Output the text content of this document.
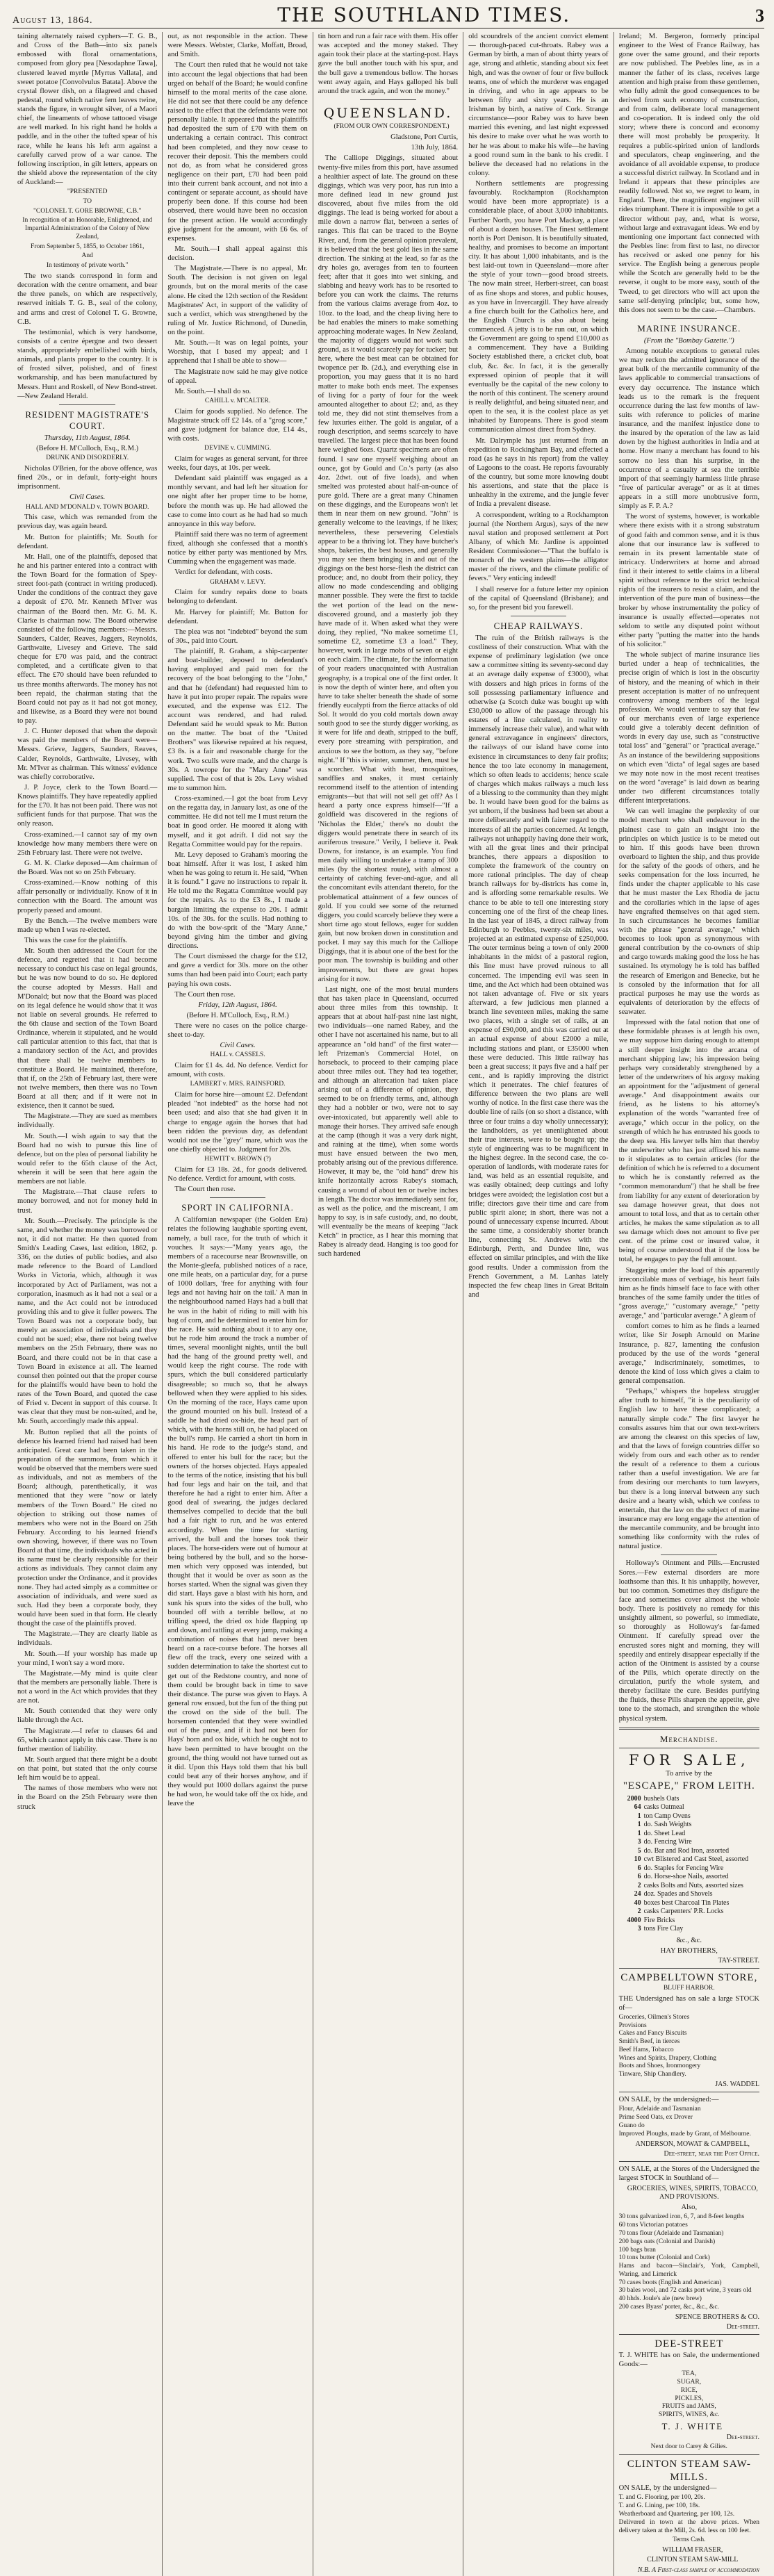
August 13, 1864.	THE SOUTHLAND TIMES.	3

taining alternately raised cyphers—T. G. B., and Cross of the Bath—into six panels embossed with floral ornamentations, composed from glory pea [Nesodaphne Tawa], clustered leaved myrtle [Myrtus Vallata], and sweet potatoe [Convolvulus Batata]. Above the crystal flower dish, on a filagreed and chased pedestal, round which native fern leaves twine, stands the figure, in wrought silver, of a Maori chief, the lineaments of whose tattooed visage are well marked. In his right hand he holds a paddle, and in the other the tufted spear of his race, while he leans his left arm against a carefully carved prow of a war canoe. The following inscription, in gilt letters, appears on the shield above the representation of the city of Auckland:—

"PRESENTED

TO

"COLONEL T. GORE BROWNE, C.B."

In recognition of an Honorable, Enlightened, and Impartial Administration of the Colony of New Zealand,

From September 5, 1855, to October 1861,

And

In testimony of private worth."

The two stands correspond in form and decoration with the centre ornament, and bear the three panels, on which are respectively, reserved initials T. G. B., seal of the colony, and arms and crest of Colonel T. G. Browne, C.B.

The testimonial, which is very handsome, consists of a centre épergne and two dessert stands, appropriately embellished with birds, animals, and plants proper to the country. It is of frosted silver, polished, and of finest workmanship, and has been manufactured by Messrs. Hunt and Roskell, of New Bond-street.—New Zealand Herald.

RESIDENT MAGISTRATE'S COURT.

Thursday, 11th August, 1864.

(Before H. M'Culloch, Esq., R.M.)

DRUNK AND DISORDERLY.

Nicholas O'Brien, for the above offence, was fined 20s., or in default, forty-eight hours imprisonment.

Civil Cases.

HALL AND M'DONALD v. TOWN BOARD.

This case, which was remanded from the previous day, was again heard.

Mr. Button for plaintiffs; Mr. South for defendant.

Mr. Hall, one of the plaintiffs, deposed that he and his partner entered into a contract with the Town Board for the formation of Spey-street foot-path (contract in writing produced). Under the conditions of the contract they gave a deposit of £70. Mr. Kenneth M'Iver was chairman of the Board then. Mr. G. M. K. Clarke is chairman now. The Board otherwise consisted of the following members:—Messrs. Saunders, Calder, Reaves, Jaggers, Reynolds, Garthwaite, Livesey and Grieve. The said cheque for £70 was paid, and the contract completed, and a certificate given to that effect. The £70 should have been refunded to us three months afterwards. The money has not been repaid, the chairman stating that the Board could not pay as it had not got money, and likewise, as a Board they were not bound to pay.

J. C. Hunter deposed that when the deposit was paid the members of the Board were—Messrs. Grieve, Jaggers, Saunders, Reaves, Calder, Reynolds, Garthwaite, Livesey, with Mr. M'Iver as chairman. This witness' evidence was chiefly corroborative.

J. P. Joyce, clerk to the Town Board.—Knows plaintiffs. They have repeatedly applied for the £70. It has not been paid. There was not sufficient funds for that purpose. That was the only reason.

Cross-examined.—I cannot say of my own knowledge how many members there were on 25th February last. There were not twelve.

G. M. K. Clarke deposed—Am chairman of the Board. Was not so on 25th February.

Cross-examined.—Know nothing of this affair personally or individually. Know of it in connection with the Board. The amount was properly passed and amount.

By the Bench.—The twelve members were made up when I was re-elected.

This was the case for the plaintiffs.

Mr. South then addressed the Court for the defence, and regretted that it had become necessary to conduct his case on legal grounds, but he was now bound to do so. He deplored the course adopted by Messrs. Hall and M'Donald; but now that the Board was placed on its legal defence he would show that it was not liable on several grounds. He referred to the 6th clause and section of the Town Board Ordinance, wherein it stipulated, and he would call particular attention to this fact, that that is a mandatory section of the Act, and provides that there shall be twelve members to constitute a Board. He maintained, therefore, that if, on the 25th of February last, there were not twelve members, then there was no Town Board at all then; and if it were not in existence, then it cannot be sued.

The Magistrate.—They are sued as members individually.

Mr. South.—I wish again to say that the Board had no wish to pursue this line of defence, but on the plea of personal liability he would refer to the 65th clause of the Act, wherein it will be seen that here again the members are not liable.

The Magistrate.—That clause refers to money borrowed, and not for money held in trust.

Mr. South.—Precisely. The principle is the same, and whether the money was borrowed or not, it did not matter. He then quoted from Smith's Leading Cases, last edition, 1862, p. 336, on the duties of public bodies, and also made reference to the Board of Landlord Works in Victoria, which, although it was incorporated by Act of Parliament, was not a corporation, inasmuch as it had not a seal or a name, and the Act could not be introduced providing this and to give it fuller powers. The Town Board was not a corporate body, but merely an association of individuals and they could not be sued; else, there not being twelve members on the 25th February, there was no Board, and there could not be in that case a Town Board in existence at all. The learned counsel then pointed out that the proper course for the plaintiffs would have been to hold the rates of the Town Board, and quoted the case of Fried v. Decent in support of this course. It was clear that they must be non-suited, and he, Mr. South, accordingly made this appeal.

Mr. Button replied that all the points of defence his learned friend had raised had been anticipated. Great care had been taken in the preparation of the summons, from which it would be observed that the members were sued as individuals, and not as members of the Board; although, parenthetically, it was mentioned that they were "now or lately members of the Town Board." He cited no objection to striking out those names of members who were not in the Board on 25th February. According to his learned friend's own showing, however, if there was no Town Board at that time, the individuals who acted in its name must be clearly responsible for their actions as individuals. They cannot claim any protection under the Ordinance, and it provides none. They had acted simply as a committee or association of individuals, and were sued as such. Had they been a corporate body, they would have been sued in that form. He clearly thought the case of the plaintiffs proved.

The Magistrate.—They are clearly liable as individuals.

Mr. South.—If your worship has made up your mind, I won't say a word more.

The Magistrate.—My mind is quite clear that the members are personally liable. There is not a word in the Act which provides that they are not.

Mr. South contended that they were only liable through the Act.

The Magistrate.—I refer to clauses 64 and 65, which cannot apply in this case. There is no further mention of liability.

Mr. South argued that there might be a doubt on that point, but stated that the only course left him would be to appeal.

The names of those members who were not in the Board on the 25th February were then struck

out, as not responsible in the action. These were Messrs. Webster, Clarke, Moffatt, Broad, and Smith.

The Court then ruled that he would not take into account the legal objections that had been urged on behalf of the Board; he would confine himself to the moral merits of the case alone. He did not see that there could be any defence raised to the effect that the defendants were not personally liable. It appeared that the plaintiffs had deposited the sum of £70 with them on undertaking a certain contract. This contract had been completed, and they now cease to recover their deposit. This the members could not do, as from what he considered gross negligence on their part, £70 had been paid into their current bank account, and not into a contingent or separate account, as should have properly been done. If this course had been observed, there would have been no occasion for the present action. He would accordingly give judgment for the amount, with £6 6s. of expenses.

Mr. South.—I shall appeal against this decision.

The Magistrate.—There is no appeal, Mr. South. The decision is not given on legal grounds, but on the moral merits of the case alone. He cited the 12th section of the Resident Magistrates' Act, in support of the validity of such a verdict, which was strengthened by the ruling of Mr. Justice Richmond, of Dunedin, on the point.

Mr. South.—It was on legal points, your Worship, that I based my appeal; and I apprehend that I shall be able to show—

The Magistrate now said he may give notice of appeal.

Mr. South.—I shall do so.

CAHILL v. M'CALTER.

Claim for goods supplied. No defence. The Magistrate struck off £2 14s. of a "grog score," and gave judgment for balance due, £14 4s., with costs.

DEVINE v. CUMMING.

Claim for wages as general servant, for three weeks, four days, at 10s. per week.

Defendant said plaintiff was engaged as a monthly servant, and had left her situation for one night after her proper time to be home, before the month was up. He had allowed the case to come into court as he had had so much annoyance in this way before.

Plaintiff said there was no term of agreement fixed, although she confessed that a month's notice by either party was mentioned by Mrs. Cumming when the engagement was made.

Verdict for defendant, with costs.

GRAHAM v. LEVY.

Claim for sundry repairs done to boats belonging to defendant.

Mr. Harvey for plaintiff; Mr. Button for defendant.

The plea was not "indebted" beyond the sum of 30s., paid into Court.

The plaintiff, R. Graham, a ship-carpenter and boat-builder, deposed to defendant's having employed and paid men for the recovery of the boat belonging to the "John," and that he (defendant) had requested him to have it put into proper repair. The repairs were executed, and the expense was £12. The account was rendered, and had ruled. Defendant said he would speak to Mr. Button on the matter. The boat of the "United Brothers" was likewise repaired at his request, £3 8s. is a fair and reasonable charge for the work. Two sculls were made, and the charge is 30s. A towrope for the "Mary Anne" was supplied. The cost of that is 20s. Levy wished me to summon him.

Cross-examined.—I got the boat from Levy on the regatta day, in January last, as one of the committee. He did not tell me I must return the boat in good order. He moored it along with myself, and it got adrift. I did not say the Regatta Committee would pay for the repairs.

Mr. Levy deposed to Graham's mooring the boat himself. After it was lost, I asked him when he was going to return it. He said, "When it is found." I gave no instructions to repair it. He told me the Regatta Committee would pay for the repairs. As to the £3 8s., I made a bargain limiting the expense to 20s. I admit 10s. of the 30s. for the sculls. Had nothing to do with the bow-sprit of the "Mary Anne," beyond giving him the timber and giving directions.

The Court dismissed the charge for the £12, and gave a verdict for 30s. more on the other sums than had been paid into Court; each party paying his own costs.

The Court then rose.

Friday, 12th August, 1864.

(Before H. M'Culloch, Esq., R.M.)

There were no cases on the police charge-sheet to-day.

Civil Cases.

HALL v. CASSELS.

Claim for £1 4s. 4d. No defence. Verdict for amount, with costs.

LAMBERT v. MRS. RAINSFORD.

Claim for horse hire—amount £2. Defendant pleaded "not indebted" as the horse had not been used; and also that she had given it in charge to engage again the horses that had been ridden the previous day, as defendant would not use the "grey" mare, which was the one chiefly objected to. Judgment for 20s.

HEWITT v. BROWN (?)

Claim for £3 18s. 2d., for goods delivered. No defence. Verdict for amount, with costs.

The Court then rose.

SPORT IN CALIFORNIA.

A Californian newspaper (the Golden Era) relates the following laughable sporting event, namely, a bull race, for the truth of which it vouches. It says:—"Many years ago, the members of a racecourse near Brownsville, on the Monte-gleefa, published notices of a race, one mile heats, on a particular day, for a purse of 1000 dollars, 'free for anything with four legs and not having hair on the tail.' A man in the neighbourhood named Hays had a bull that he was in the habit of riding to mill with his bag of corn, and he determined to enter him for the race. He said nothing about it to any one, but he rode him around the track a number of times, several moonlight nights, until the bull had the hang of the ground pretty well, and would keep the right course. The rode with spurs, which the bull considered particularly disagreeable; so much so, that he always bellowed when they were applied to his sides. On the morning of the race, Hays came upon the ground mounted on his bull. Instead of a saddle he had dried ox-hide, the head part of which, with the horns still on, he had placed on the bull's rump. He carried a short tin horn in his hand. He rode to the judge's stand, and offered to enter his bull for the race; but the owners of the horses objected. Hays appealed to the terms of the notice, insisting that his bull had four legs and hair on the tail, and that therefore he had a right to enter him. After a good deal of swearing, the judges declared themselves compelled to decide that the bull had a fair right to run, and he was entered accordingly. When the time for starting arrived, the bull and the horses took their places. The horse-riders were out of humour at being bothered by the bull, and so the horse-men which very opposed was intended, but thought that it would be over as soon as the horses started. When the signal was given they did start. Hays gave a blast with his horn, and sunk his spurs into the sides of the bull, who bounded off with a terrible bellow, at no trifling speed, the dried ox hide flapping up and down, and rattling at every jump, making a combination of noises that had never been heard on a race-course before. The horses all flew off the track, every one seized with a sudden determination to take the shortest cut to get out of the Redstone country, and none of them could be brought back in time to save their distance. The purse was given to Hays. A general row ensued, but the fun of the thing put the crowd on the side of the bull. The horsemen contended that they were swindled out of the purse, and if it had not been for Hays' horn and ox hide, which he ought not to have been permitted to have brought on the ground, the thing would not have turned out as it did. Upon this Hays told them that his bull could beat any of their horses anyhow, and if they would put 1000 dollars against the purse he had won, he would take off the ox hide, and leave the

tin horn and run a fair race with them. His offer was accepted and the money staked. They again took their place at the starting-post. Hays gave the bull another touch with his spur, and the bull gave a tremendous bellow. The horses went away again, and Hays galloped his bull around the track again, and won the money."

QUEENSLAND.

(FROM OUR OWN CORRESPONDENT.)

Gladstone, Port Curtis,

13th July, 1864.

The Calliope Diggings, situated about twenty-five miles from this port, have assumed a healthier aspect of late. The ground on these diggings, which was very poor, has run into a more defined lead in new ground just discovered, about five miles from the old diggings. The lead is being worked for about a mile down a narrow flat, between a series of ranges. This flat can be traced to the Boyne River, and, from the general opinion prevalent, it is believed that the best gold lies in the same direction. The sinking at the lead, so far as the dry holes go, averages from ten to fourteen feet; after that it goes into wet sinking, and slabbing and heavy work has to be resorted to before you can work the claims. The returns from the various claims average from 4oz. to 10oz. to the load, and the cheap living here to be had enables the miners to make something approaching moderate wages. In New Zealand, the majority of diggers would not work such ground, as it would scarcely pay for tucker; but here, where the best meat can be obtained for twopence per lb. (2d.), and everything else in proportion, you may guess that it is no hard matter to make both ends meet. The expenses of living for a party of four for the week amounted altogether to about £2; and, as they told me, they did not stint themselves from a few luxuries either. The gold is angular, of a rough description, and seems scarcely to have travelled. The largest piece that has been found here weighed 6ozs. Quartz specimens are often found. I saw one myself weighing about an ounce, got by Gould and Co.'s party (as also 4oz. 2dwt. out of five loads), and when smelted was protested about half-an-ounce of pure gold. There are a great many Chinamen on these diggings, and the Europeans won't let them in near them on new ground. "John" is generally welcome to the leavings, if he likes; nevertheless, these persevering Celestials appear to be a thriving lot. They have butcher's shops, bakeries, the best houses, and generally you may see them bringing in and out of the diggings on the best horse-flesh the district can produce; and, no doubt from their policy, they allow no made condescending and obliging manner possible. They were the first to tackle the wet portion of the lead on the new-discovered ground, and a masterly job they have made of it. When asked what they were doing, they replied, "No makee sometime £1, sometime £2, sometime £3 a load." They, however, work in large mobs of seven or eight on each claim. The climate, for the information of your readers unacquainted with Australian geography, is a tropical one of the first order. It is now the depth of winter here, and often you have to take shelter beneath the shade of some friendly eucalypti from the fierce attacks of old Sol. It would do you cold mortals down away south good to see the sturdy digger working, as it were for life and death, stripped to the buff, every pore streaming with perspiration, and anxious to see the bottom, as they say, "before night." If "this is winter, summer, then, must be a scorcher. What with heat, mosquitoes, sandflies and snakes, it must certainly recommend itself to the attention of intending emigrants—but that will not sell get off? As I heard a party once express himself—"If a goldfield was discovered in the regions of 'Nicholas the Elder,' there's no doubt the diggers would penetrate there in search of its auriferous treasure." Verily, I believe it. Peak Downs, for instance, is an example. You find men daily willing to undertake a tramp of 300 miles (by the shortest route), with almost a certainty of catching fever-and-ague, and all the concomitant evils attendant thereto, for the problematical attainment of a few ounces of gold. If you could see some of the returned diggers, you could scarcely believe they were a short time ago stout fellows, eager for sudden gain, but now broken down in constitution and pocket. I may say this much for the Calliope Diggings, that it is about one of the best for the poor man. The township is building and other improvements, but there are great hopes arising for it now.

Last night, one of the most brutal murders that has taken place in Queensland, occurred about three miles from this township. It appears that at about half-past nine last night, two individuals—one named Rabey, and the other I have not ascertained his name, but to all appearance an "old hand" of the first water—left Prizeman's Commercial Hotel, on horseback, to proceed to their camping place about three miles out. They had tea together, and although an altercation had taken place arising out of a difference of opinion, they seemed to be on friendly terms, and, although they had a nobbler or two, were not to say over-intoxicated, but apparently well able to manage their horses. They arrived safe enough at the camp (though it was a very dark night, and raining at the time), when some words must have ensued between the two men, probably arising out of the previous difference. However, it may be, the "old hand" drew his knife horizontally across Rabey's stomach, causing a wound of about ten or twelve inches in length. The doctor was immediately sent for, as well as the police, and the miscreant, I am happy to say, is in safe custody, and, no doubt, will eventually be the means of keeping "Jack Ketch" in practice, as I hear this morning that Rabey is already dead. Hanging is too good for such hardened

old scoundrels of the ancient convict element — thorough-paced cut-throats. Rabey was a German by birth, a man of about thirty years of age, strong and athletic, standing about six feet high, and was the owner of four or five bullock teams, one of which the murderer was engaged in driving, and who in age appears to be between fifty and sixty years. He is an Irishman by birth, a native of Cork. Strange circumstance—poor Rabey was to have been married this evening, and last night expressed his desire to make over what he was worth to her he was about to make his wife—he having a good round sum in the bank to his credit. I believe the deceased had no relations in the colony.

Northern settlements are progressing favourably. Rockhampton (Rockhampton would have been more appropriate) is a considerable place, of about 3,000 inhabitants. Further North, you have Port Mackay, a place of about a dozen houses. The finest settlement north is Port Denison. It is beautifully situated, healthy, and promises to become an important city. It has about 1,000 inhabitants, and is the best laid-out town in Queensland—more after the style of your town—good broad streets. The now main street, Herbert-street, can boast of as fine shops and stores, and public houses, as you have in Invercargill. They have already a fine church built for the Catholics here, and the English Church is also about being commenced. A jetty is to be run out, on which the Government are going to spend £10,000 as a commencement. They have a Building Society established there, a cricket club, boat club, &c. &c. In fact, it is the generally expressed opinion of people that it will eventually be the capital of the new colony to the north of this continent. The scenery around is really delightful, and being situated near, and open to the sea, it is the coolest place as yet inhabited by Europeans. There is good steam communication almost direct from Sydney.

Mr. Dalrymple has just returned from an expedition to Rockingham Bay, and effected a road (as he says in his report) from the valley of Lagoons to the coast. He reports favourably of the country, but some more knowing doubt his assertions, and state that the place is unhealthy in the extreme, and the jungle fever of India a prevalent disease.

A correspondent, writing to a Rockhampton journal (the Northern Argus), says of the new naval station and proposed settlement at Port Albany, of which Mr. Jardine is appointed Resident Commissioner—"That the buffalo is monarch of the western plains—the alligator master of the rivers, and the climate prolific of fevers." Very enticing indeed!

I shall reserve for a future letter my opinion of the capital of Queensland (Brisbane); and so, for the present bid you farewell.

CHEAP RAILWAYS.

The ruin of the British railways is the costliness of their construction. What with the expense of preliminary legislation (we once saw a committee sitting its seventy-second day at an average daily expense of £3000), what with dossers and high prices in forms of the soil possessing parliamentary influence and otherwise (a Scotch duke was bought up with £30,000 to allow of the passage through his estates of a line calculated, in reality to immensely increase their value), and what with general extravagance in engineers' directors, the railways of our island have come into existence in circumstances to deny fair profits; hence the too late economy in management, which so often leads to accidents; hence scale of charges which makes railways a much less of a blessing to the community than they might be. It would have been good for the bairns as yet unborn, if the business had been set about a more deliberately and with fairer regard to the interests of all the parties concerned. At length, railways not unhappily having done their work, with all the great lines and their principal branches, there appears a disposition to complete the framework of the country on more rational principles. The day of cheap branch railways for by-districts has come in, and is affording some remarkable results. We chance to be able to tell one interesting story concerning one of the first of the cheap lines. In the last year of 1845, a direct railway from Edinburgh to Peebles, twenty-six miles, was projected at an estimated expense of £250,000. The outer terminus being a town of only 2000 inhabitants in the midst of a pastoral region, this line must have proved ruinous to all concerned. The impending evil was seen in time, and the Act which had been obtained was not taken advantage of. Five or six years afterward, a few judicious men planned a branch line seventeen miles, making the same two places, with a single set of rails, at an expense of £90,000, and this was carried out at an actual expense of about £2000 a mile, including stations and plant, or £35000 when these were deducted. This little railway has been a great success; it pays five and a half per cent., and is rapidly improving the district which it penetrates. The chief features of difference between the two plans are well worthy of notice. In the first case there was the double line of rails (on so short a distance, with three or four trains a day wholly unnecessary); the landholders, as yet unenlightened about their true interests, were to be bought up; the style of engineering was to be magnificent in the highest degree. In the second case, the co-operation of landlords, with moderate rates for land, was held as an essential requisite, and was easily obtained; deep cuttings and lofty bridges were avoided; the legislation cost but a trifle; directors gave their time and care from public spirit alone; in short, there was not a pound of unnecessary expense incurred. About the same time, a considerably shorter branch line, connecting St. Andrews with the Edinburgh, Perth, and Dundee line, was effected on similar principles, and with the like good results. Under a commission from the French Government, a M. Lanhas lately inspected the few cheap lines in Great Britain and

Ireland; M. Bergeron, formerly principal engineer to the West of France Railway, has gone over the same ground, and their reports are now published. The Peebles line, as in a manner the father of its class, receives large attention and high praise from these gentlemen, who fully admit the good consequences to be derived from such economy of construction, and from calm, deliberate local management and co-operation. It is indeed only the old story; where there is concord and economy there will most probably be prosperity. It requires a public-spirited union of landlords and speculators, cheap engineering, and the avoidance of all avoidable expense, to produce a successful district railway. In Scotland and in Ireland it appears that these principles are readily followed. Not so, we regret to learn, in England. There, the magnificent engineer still rides triumphant. There it is impossible to get a director without pay, and, what is worse, without large and extravagant ideas. We end by mentioning one important fact connected with the Peebles line: from first to last, no director has received or asked one penny for his service. The English being a generous people while the Scotch are generally held to be the reverse, it ought to be more easy, south of the Tweed, to get directors who will act upon the same self-denying principle; but, some how, this does not seem to be the case.—Chambers.

MARINE INSURANCE.

(From the "Bombay Gazette.")

Among notable exceptions to general rules we may reckon the admitted ignorance of the great bulk of the mercantile community of the laws applicable to commercial transactions of every day occurrence. The instance which leads us to the remark is the frequent occurrence during the last few months of law-suits with reference to policies of marine insurance, and the manifest injustice done to the insured by the operation of the law as laid down by the highest authorities in India and at home. How many a merchant has found to his sorrow no less than his surprise, in the occurrence of a casualty at sea the terrible import of that seemingly harmless little phrase "free of particular average" or as it at times appears in a still more unobtrusive form, simply as F. P. A.?

The worst of systems, however, is workable where there exists with it a strong substratum of good faith and common sense, and it is thus alone that our insurance law is suffered to remain in its present lamentable state of intricacy. Underwriters at home and abroad find it their interest to settle claims in a liberal spirit without reference to the strict technical rights of the insurers to resist a claim, and the intervention of the pure man of business—the broker by whose instrumentality the policy of insurance is usually effected—operates not seldom to settle any disputed point without either party "putting the matter into the hands of his solicitor."

The whole subject of marine insurance lies buried under a heap of technicalities, the precise origin of which is lost in the obscurity of history, and the meaning of which in their present acceptation is matter of no unfrequent controversy among members of the legal profession. We would venture to say that few of our merchants even of large experience could give a tolerably decent definition of words in every day use, such as "constructive total loss" and "general" or "practical average." As an instance of the bewildering suppositions on which even "dicta" of legal sages are based we may note now in the most recent treatises on the word "average" is laid down as bearing under two different circumstances totally different interpretations.

We can well imagine the perplexity of our model merchant who shall endeavour in the plainest case to gain an insight into the principles on which justice is to be meted out to him. If this goods have been thrown overboard to lighten the ship, and thus provide for the safety of the goods of others, and he seeks compensation for the loss incurred, he finds under the chapter applicable to his case that he must master the Lex Rhodia de jactu and the corollaries which in the lapse of ages have engrafted themselves on that aged stem. In such circumstances he becomes familiar with the phrase "general average," which becomes to look upon as synonymous with general contribution by the co-owners of ship and cargo towards making good the loss he has sustained. Its etymology he is told has baffled the research of Emerigon and Benecke, but he is consoled by the information that for all practical purposes he may use the words as equivalents of deterioration by the effects of seawater.

Impressed with the fatal notion that one of these formidable phrases is at length his own, we may suppose him daring enough to attempt a still deeper insight into the arcana of merchant shipping law; his impression being perhaps very considerably strengthened by a letter of the underwriters of his argosy making an appointment for the "adjustment of general average." And disappointment awaits our friend, as he listens to his attorney's explanation of the words "warranted free of average," which occur in the policy, on the strength of which he has entrusted his goods to the deep sea. His lawyer tells him that thereby the underwriter who has just affixed his name to it stipulates as to certain articles (for the definition of which he is referred to a document to which he is constantly referred as the "common memorandum") that he shall be free from liability for any extent of deterioration by sea damage however great, that does not amount to total loss, and that as to certain other articles, he makes the same stipulation as to all sea damage which does not amount to five per cent. of the prime cost or insured value, it being of course understood that if the loss be total, he engages to pay the full amount.

Staggering under the load of this apparently irreconcilable mass of verbiage, his heart fails him as he finds himself face to face with other branches of the same family under the titles of "gross average," "customary average," "petty average," and "particular average." A gleam of

comfort comes to him as he finds a learned writer, like Sir Joseph Arnould on Marine Insurance, p. 827, lamenting the confusion produced by the use of the words "general average," indiscriminately, sometimes, to denote the kind of loss which gives a claim to general compensation.

"Perhaps," whispers the hopeless struggler after truth to himself, "it is the peculiarity of English law to have these complicated; a naturally simple code." The first lawyer he consults assures him that our own text-writers are among the clearest on this species of law, and that the laws of foreign countries differ so widely from ours and each other as to render the result of a reference to them a curious rather than a useful investigation. We are far from desiring our merchants to turn lawyers, but there is a long interval between any such desire and a hearty wish, which we confess to entertain, that the law on the subject of marine insurance may ere long engage the attention of the mercantile community, and be brought into something like conformity with the rules of natural justice.

Holloway's Ointment and Pills.—Encrusted Sores.—Few external disorders are more loathsome than this. It his unhappily, however, but too common. Sometimes they disfigure the face and sometimes cover almost the whole body. There is positively no remedy for this unsightly ailment, so powerful, so immediate, so thoroughly as Holloway's far-famed Ointment. If carefully spread over the encrusted sores night and morning, they will speedily and entirely disappear especially if the action of the Ointment is assisted by a course of the Pills, which operate directly on the circulation, purify the whole system, and thereby facilitate the cure. Besides purifying the fluids, these Pills sharpen the appetite, give tone to the stomach, and strengthen the whole physical system.

Merchandise.
FOR SALE,

To arrive by the

"ESCAPE," FROM LEITH.
2000 bushels Oats
64 casks Oatmeal
1 ton Camp Ovens
1 do. Sash Weights
1 do. Sheet Lead
3 do. Fencing Wire
5 do. Bar and Rod Iron, assorted
10 cwt Blistered and Cast Steel, assorted
6 do. Staples for Fencing Wire
6 do. Horse-shoe Nails, assorted
2 casks Bolts and Nuts, assorted sizes
24 doz. Spades and Shovels
40 boxes best Charcoal Tin Plates
2 casks Carpenters' P.R. Locks
4000 Fire Bricks
3 tons Fire Clay

&c., &c.

HAY BROTHERS,

TAY-STREET.

CAMPBELLTOWN STORE,

BLUFF HARBOR.

THE Undersigned has on sale a large STOCK of—

Groceries, Oilmen's Stores
Provisions
Cakes and Fancy Biscuits
Smith's Beef, in tierces
Beef Hams, Tobacco
Wines and Spirits, Drapery, Clothing
Boots and Shoes, Ironmongery
Tinware, Ship Chandlery.

JAS. WADDEL

ON SALE, by the undersigned:—

Flour, Adelaide and Tasmanian
Prime Seed Oats, ex Drover
Guano do
Improved Ploughs, made by Grant, of Melbourne.

ANDERSON, MOWAT & CAMPBELL,

Dee-street, near the Post Office.

ON SALE, at the Stores of the Undersigned the largest STOCK in Southland of—

GROCERIES, WINES, SPIRITS, TOBACCO, AND PROVISIONS.

Also,

30 tons galvanized iron, 6, 7, and 8-feet lengths
60 tons Victorian potatoes
70 tons flour (Adelaide and Tasmanian)
200 bags oats (Colonial and Danish)
100 bags bran
10 tons butter (Colonial and Cork)
Hams and bacon—Sinclair's, York, Campbell, Waring, and Limerick
70 cases boots (English and American)
30 bales wool, and 72 casks port wine, 3 years old
40 hhds. Joule's ale (new brew)
200 cases Byass' porter, &c., &c., &c.

SPENCE BROTHERS & CO.

Dee-street.

DEE-STREET

T. J. WHITE has on Sale, the undermentioned Goods:—

TEA,
SUGAR,
RICE,
PICKLES,
FRUITS and JAMS,
SPIRITS, WINES, &c.

T. J. WHITE

Dee-street.

Next door to Carey & Gilies.

CLINTON STEAM SAW-MILLS.

ON SALE, by the undersigned—

T. and G. Flooring, per 100, 20s.
T. and G. Lining, per 100, 18s.
Weatherboard and Quartering, per 100, 12s.
Delivered in town at the above prices. When delivery taken at the Mill, 2s. 6d. less on 100 feet.

Terms Cash.

WILLIAM FRASER,

CLINTON STEAM SAW-MILL

N.B. A First-class sample of accommodation
